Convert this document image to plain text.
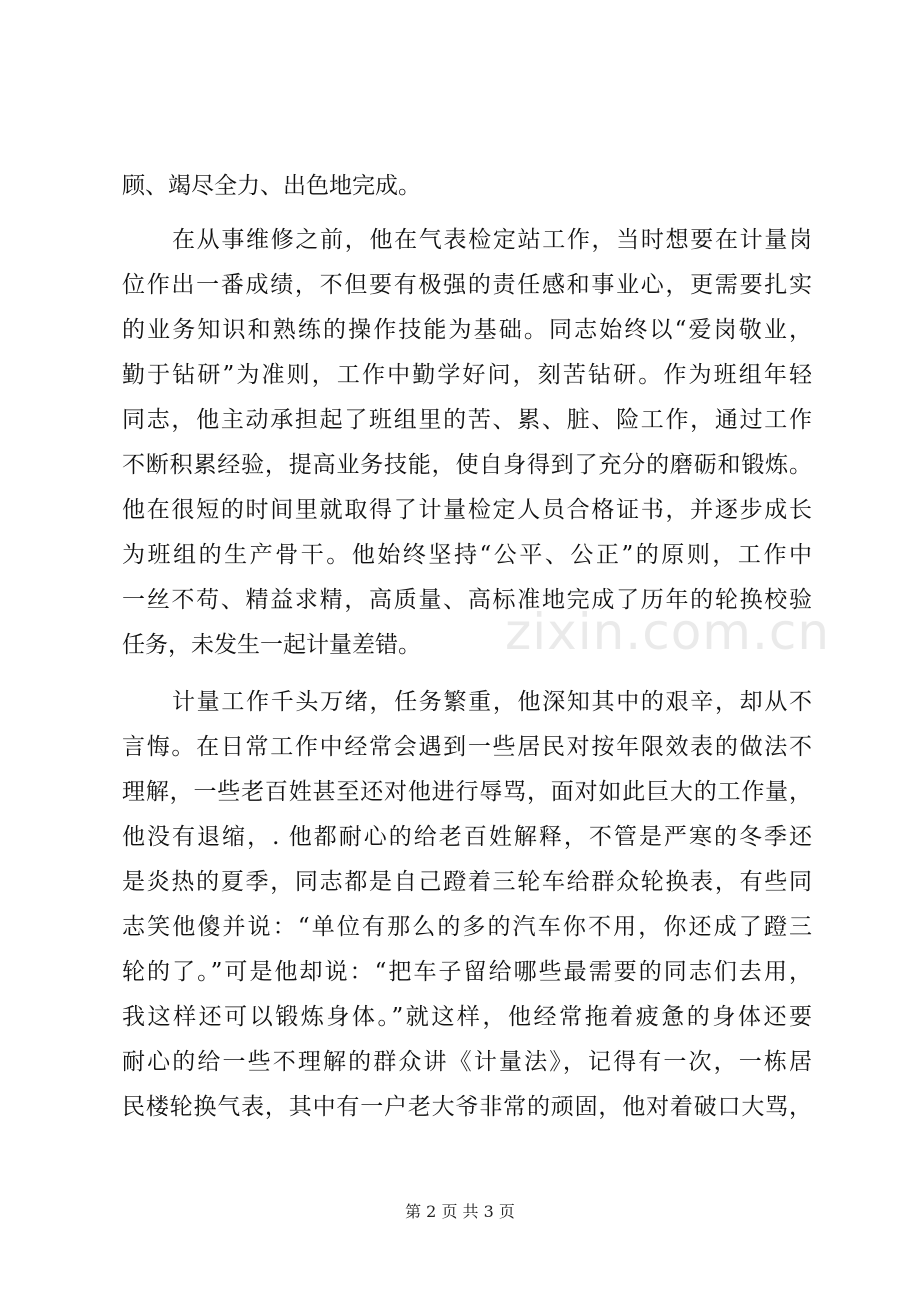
顾、竭尽全力、出色地完成。
在从事维修之前，他在气表检定站工作，当时想要在计量岗
位作出一番成绩，不但要有极强的责任感和事业心，更需要扎实
的业务知识和熟练的操作技能为基础。同志始终以“爱岗敬业，
勤于钻研”为准则，工作中勤学好问，刻苦钻研。作为班组年轻
同志，他主动承担起了班组里的苦、累、脏、险工作，通过工作
不断积累经验，提高业务技能，使自身得到了充分的磨砺和锻炼。
他在很短的时间里就取得了计量检定人员合格证书，并逐步成长
为班组的生产骨干。他始终坚持“公平、公正”的原则，工作中
一丝不苟、精益求精，高质量、高标准地完成了历年的轮换校验
任务，未发生一起计量差错。
计量工作千头万绪，任务繁重，他深知其中的艰辛，却从不
言悔。在日常工作中经常会遇到一些居民对按年限效表的做法不
理解，一些老百姓甚至还对他进行辱骂，面对如此巨大的工作量，
他没有退缩，. 他都耐心的给老百姓解释，不管是严寒的冬季还
是炎热的夏季，同志都是自己蹬着三轮车给群众轮换表，有些同
志笑他傻并说：“单位有那么的多的汽车你不用，你还成了蹬三
轮的了。”可是他却说：“把车子留给哪些最需要的同志们去用，
我这样还可以锻炼身体。”就这样，他经常拖着疲惫的身体还要
耐心的给一些不理解的群众讲《计量法》，记得有一次，一栋居
民楼轮换气表，其中有一户老大爷非常的顽固，他对着破口大骂，
zixin.com.cn
第 2 页 共 3 页
